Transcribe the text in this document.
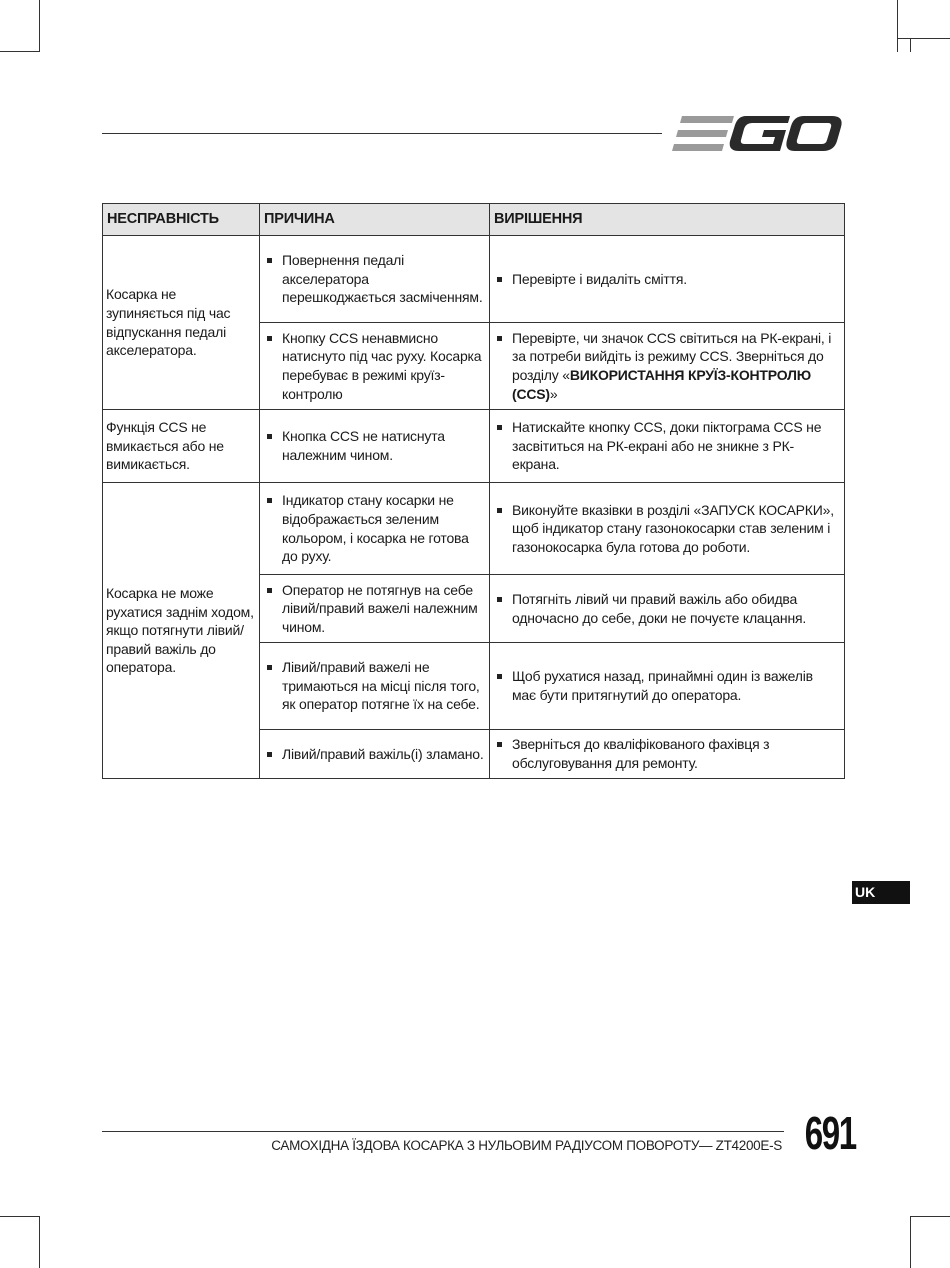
НЕСПРАВНІСТЬ	ПРИЧИНА	ВИРІШЕННЯ
Косарка не зупиняється під час відпускання педалі акселератора.	Повернення педалі акселератора перешкоджається засміченням.	Перевірте і видаліть сміття.

	Кнопку CCS ненавмисно натиснуто під час руху. Косарка перебуває в режимі круїз-контролю	Перевірте, чи значок CCS світиться на РК-екрані, і за потреби вийдіть із режиму CCS. Зверніться до розділу «ВИКОРИСТАННЯ КРУЇЗ-КОНТРОЛЮ (CCS)»

Функція CCS не вмикається або не вимикається.	Кнопка CCS не натиснута належним чином.	Натискайте кнопку CCS, доки піктограма CCS не засвітиться на РК-екрані або не зникне з РК-екрана.

Косарка не може рухатися заднім ходом, якщо потягнути лівий/правий важіль до оператора.	Індикатор стану косарки не відображається зеленим кольором, і косарка не готова до руху.	Виконуйте вказівки в розділі «ЗАПУСК КОСАРКИ», щоб індикатор стану газонокосарки став зеленим і газонокосарка була готова до роботи.

	Оператор не потягнув на себе лівий/правий важелі належним чином.	Потягніть лівий чи правий важіль або обидва одночасно до себе, доки не почуєте клацання.

	Лівий/правий важелі не тримаються на місці після того, як оператор потягне їх на себе.	Щоб рухатися назад, принаймні один із важелів має бути притягнутий до оператора.

	Лівий/правий важіль(і) зламано.	Зверніться до кваліфікованого фахівця з обслуговування для ремонту.
UK
САМОХІДНА ЇЗДОВА КОСАРКА З НУЛЬОВИМ РАДІУСОМ ПОВОРОТУ— ZT4200E-S 691
